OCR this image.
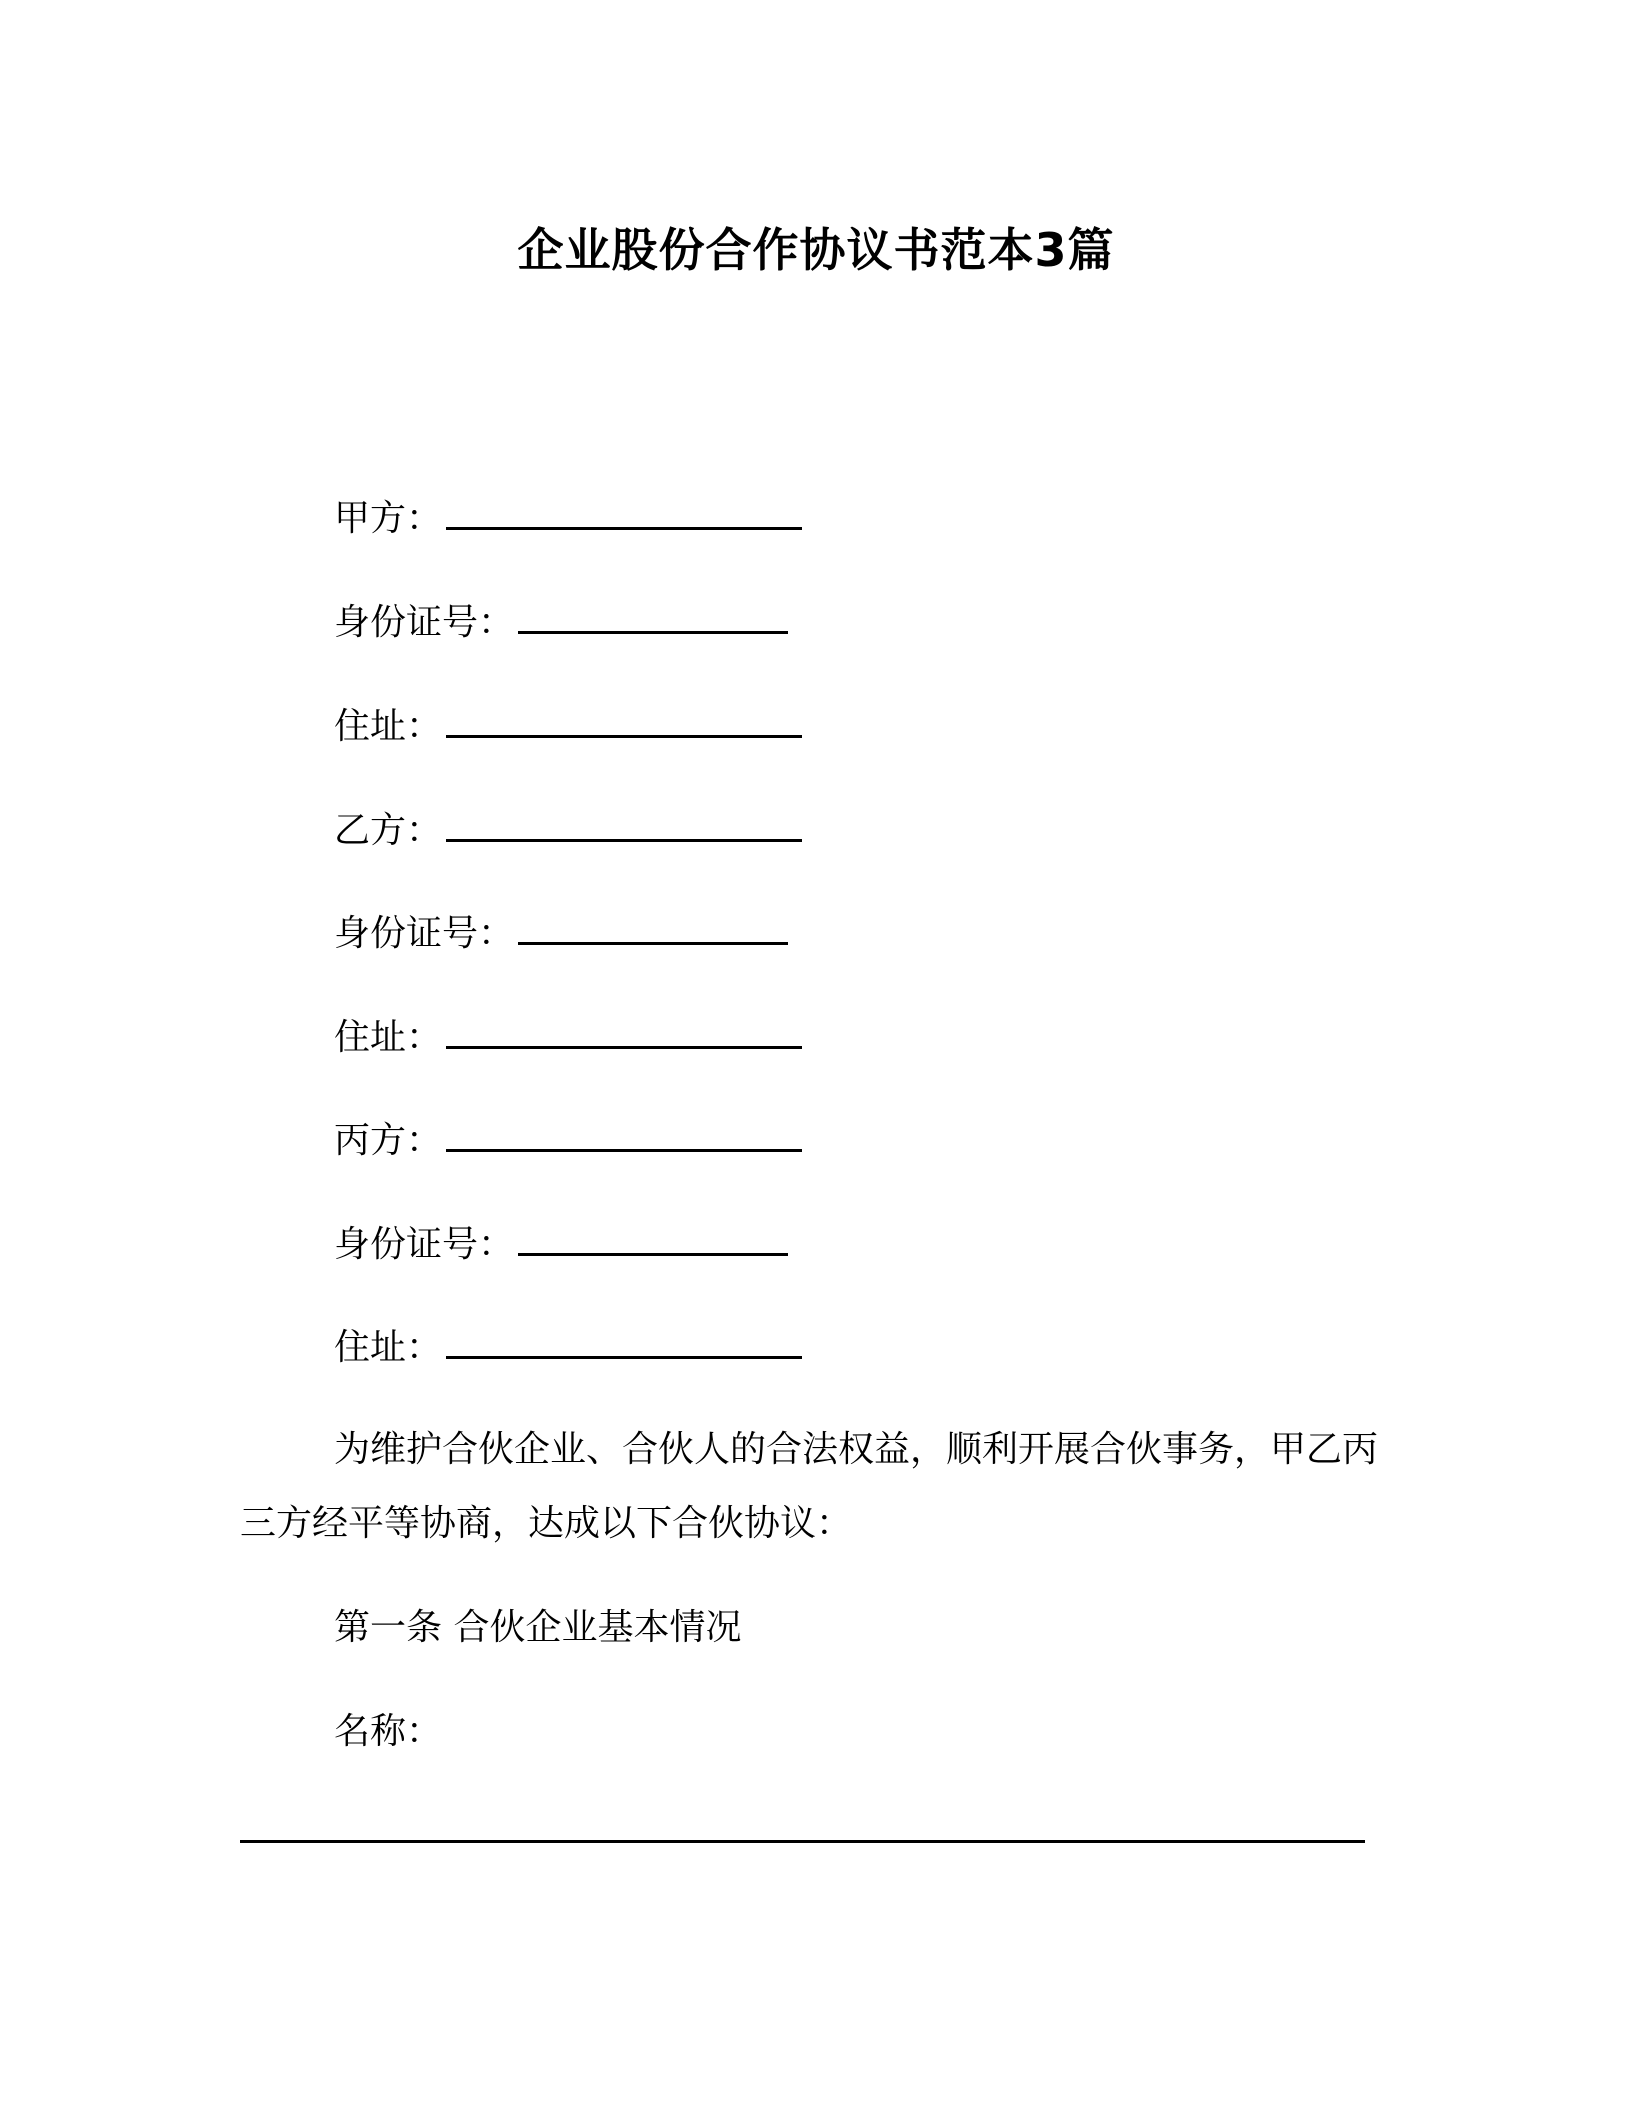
企业股份合作协议书范本3篇
甲方：
身份证号：
住址：
乙方：
身份证号：
住址：
丙方：
身份证号：
住址：
为维护合伙企业、合伙人的合法权益，顺利开展合伙事务，甲乙丙三方经平等协商，达成以下合伙协议：
第一条 合伙企业基本情况
名称：
